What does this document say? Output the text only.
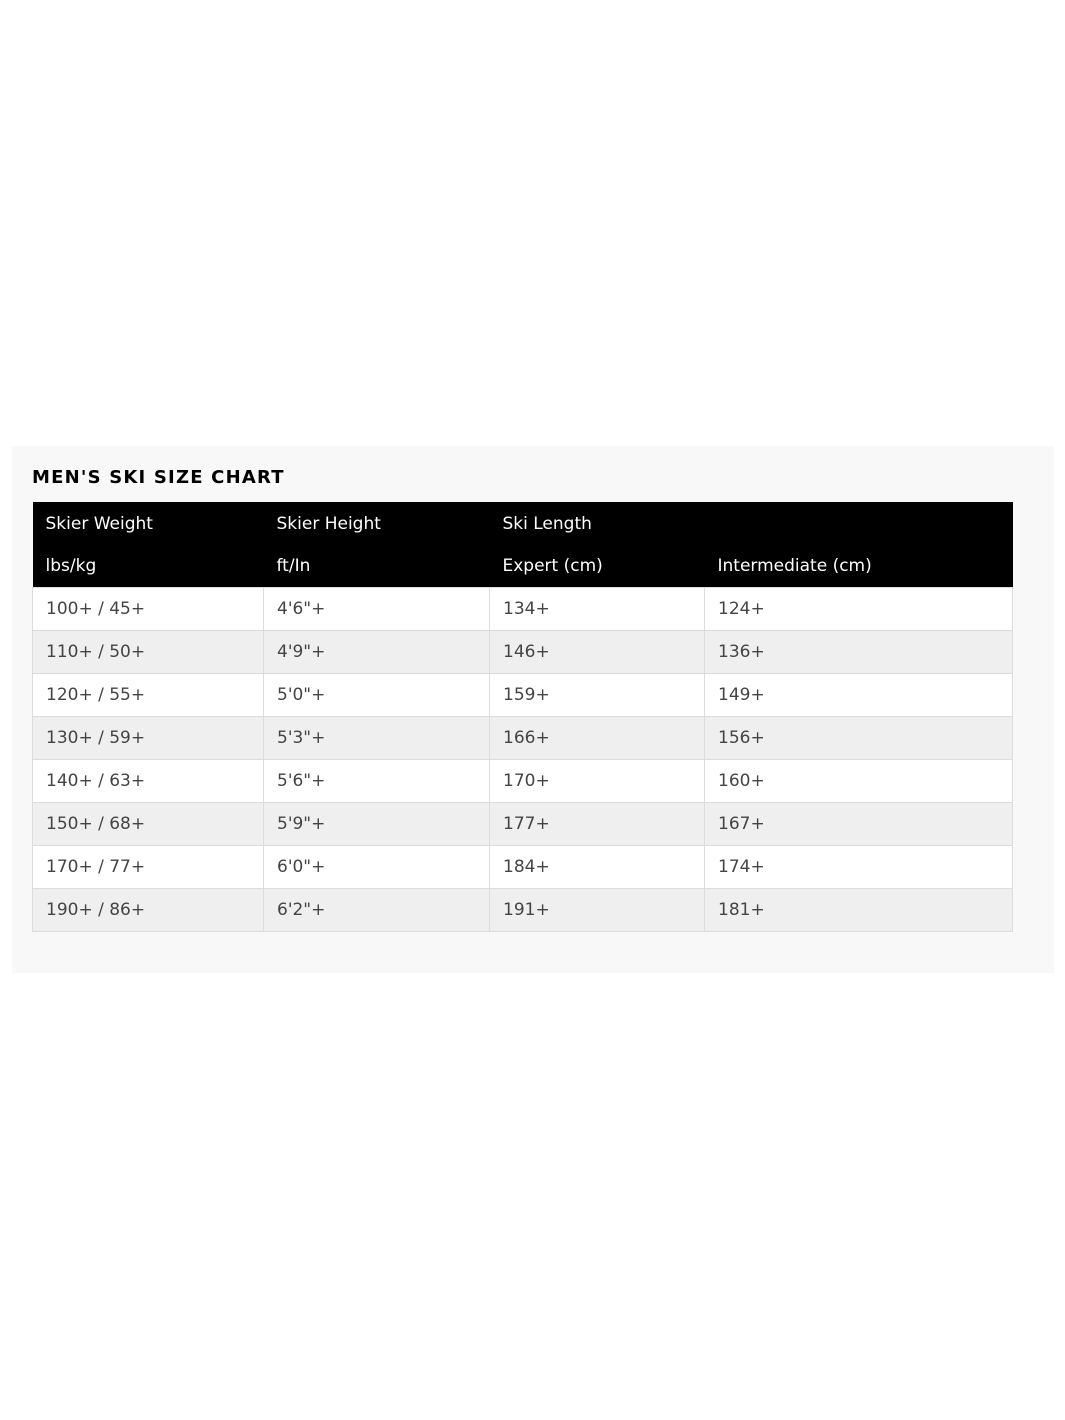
MEN'S SKI SIZE CHART
Skier Weight	Skier Height	Ski Length	
lbs/kg	ft/In	Expert (cm)	Intermediate (cm)
100+ / 45+	4'6"+	134+	124+
110+ / 50+	4'9"+	146+	136+
120+ / 55+	5'0"+	159+	149+
130+ / 59+	5'3"+	166+	156+
140+ / 63+	5'6"+	170+	160+
150+ / 68+	5'9"+	177+	167+
170+ / 77+	6'0"+	184+	174+
190+ / 86+	6'2"+	191+	181+
